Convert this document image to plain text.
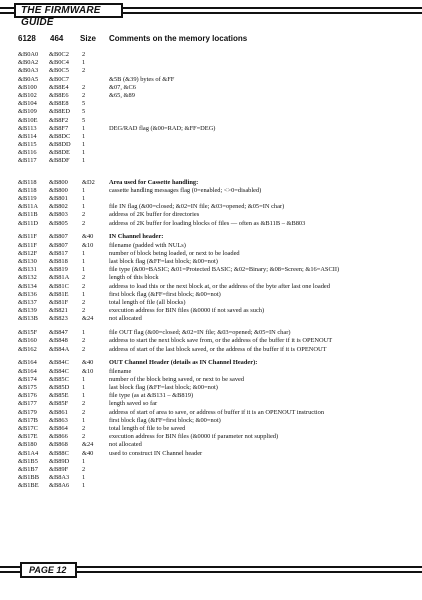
THE FIRMWARE GUIDE
6128 464 Size Comments on the memory locations
&B0A0 &B0C2 2
&B0A2 &B0C4 1
&B0A3 &B0C5 2
&B0A5 &B0C7	&5B (&39) bytes of &FF
&B100 &B8E4 2	&07, &C6
&B102 &B8E6 2	&65, &89
&B104 &B8E8 5
&B109 &B8ED 5
&B10E &B8F2 5
&B113 &B8F7 1	DEG/RAD flag (&00=RAD; &FF=DEG)
&B114 &B8DC 1
&B115 &B8DD 1
&B116 &B8DE 1
&B117 &B8DF 1
&B118 &B800 &D2 Area used for Cassette handling:
&B118 &B800 1	cassette handling messages flag (0=enabled; <>0=disabled)
&B119 &B801 1
&B11A &B802 1	file IN flag (&00=closed; &02=IN file; &03=opened; &05=IN char)
&B11B &B803 2	address of 2K buffer for directories
&B11D &B805 2	address of 2K buffer for loading blocks of files — often as &B11B – &B803
&B11F &B807 &40 IN Channel header:
&B11F &B807 &10 filename (padded with NULs)
&B12F &B817 1	number of block being loaded, or next to be loaded
&B130 &B818 1	last block flag (&FF=last block; &00=not)
&B131 &B819 1	file type (&00=BASIC; &01=Protected BASIC; &02=Binary; &08=Screen; &16=ASCII)
&B132 &B81A 2	length of this block
&B134 &B81C 2	address to load this or the next block at, or the address of the byte after last one loaded
&B136 &B81E 1	first block flag (&FF=first block; &00=not)
&B137 &B81F 2	total length of file (all blocks)
&B139 &B821 2	execution address for BIN files (&0000 if not saved as such)
&B13B &B823 &24 not allocated
&B15F &B847 1	file OUT flag (&00=closed; &02=IN file; &03=opened; &05=IN char)
&B160 &B848 2	address to start the next block save from, or the address of the buffer if it is OPENOUT
&B162 &B84A 2	address of start of the last block saved, or the address of the buffer if it is OPENOUT
&B164 &B84C &40 OUT Channel Header (details as IN Channel Header):
&B164 &B84C &10 filename
&B174 &B85C 1	number of the block being saved, or next to be saved
&B175 &B85D 1	last block flag (&FF=last block; &00=not)
&B176 &B85E 1	file type (as at &B131 – &B819)
&B177 &B85F 2	length saved so far
&B179 &B861 2	address of start of area to save, or address of buffer if it is an OPENOUT instruction
&B17B &B863 1	first block flag (&FF=first block; &00=not)
&B17C &B864 2	total length of file to be saved
&B17E &B866 2	execution address for BIN files (&0000 if parameter not supplied)
&B180 &B868 &24 not allocated
&B1A4 &B88C &40 used to construct IN Channel header
&B1B5 &B89D 1
&B1B7 &B89F 2
&B1BB &B8A3 1
&B1BE &B8A6 1
PAGE 12
